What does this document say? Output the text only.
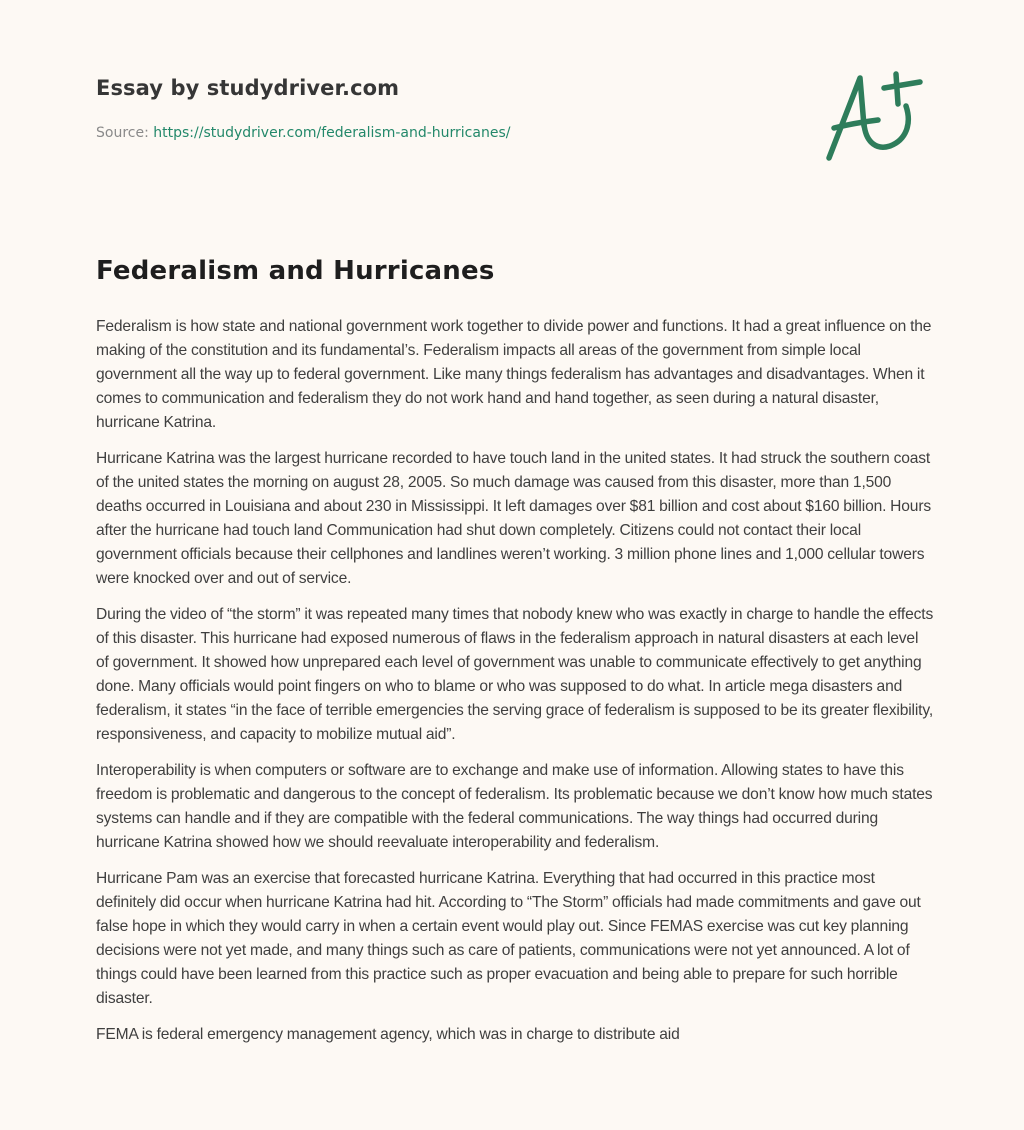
Essay by studydriver.com
Source: https://studydriver.com/federalism-and-hurricanes/
Federalism and Hurricanes

Federalism is how state and national government work together to divide power and functions. It had a great influence on the making of the constitution and its fundamental’s. Federalism impacts all areas of the government from simple local government all the way up to federal government. Like many things federalism has advantages and disadvantages. When it comes to communication and federalism they do not work hand and hand together, as seen during a natural disaster, hurricane Katrina.

Hurricane Katrina was the largest hurricane recorded to have touch land in the united states. It had struck the southern coast of the united states the morning on august 28, 2005. So much damage was caused from this disaster, more than 1,500 deaths occurred in Louisiana and about 230 in Mississippi. It left damages over $81 billion and cost about $160 billion. Hours after the hurricane had touch land Communication had shut down completely. Citizens could not contact their local government officials because their cellphones and landlines weren’t working. 3 million phone lines and 1,000 cellular towers were knocked over and out of service.

During the video of “the storm” it was repeated many times that nobody knew who was exactly in charge to handle the effects of this disaster. This hurricane had exposed numerous of flaws in the federalism approach in natural disasters at each level of government. It showed how unprepared each level of government was unable to communicate effectively to get anything done. Many officials would point fingers on who to blame or who was supposed to do what. In article mega disasters and federalism, it states “in the face of terrible emergencies the serving grace of federalism is supposed to be its greater flexibility, responsiveness, and capacity to mobilize mutual aid”.

Interoperability is when computers or software are to exchange and make use of information. Allowing states to have this freedom is problematic and dangerous to the concept of federalism. Its problematic because we don’t know how much states systems can handle and if they are compatible with the federal communications. The way things had occurred during hurricane Katrina showed how we should reevaluate interoperability and federalism.

Hurricane Pam was an exercise that forecasted hurricane Katrina. Everything that had occurred in this practice most definitely did occur when hurricane Katrina had hit. According to “The Storm” officials had made commitments and gave out false hope in which they would carry in when a certain event would play out. Since FEMAS exercise was cut key planning decisions were not yet made, and many things such as care of patients, communications were not yet announced. A lot of things could have been learned from this practice such as proper evacuation and being able to prepare for such horrible disaster.

FEMA is federal emergency management agency, which was in charge to distribute aid
